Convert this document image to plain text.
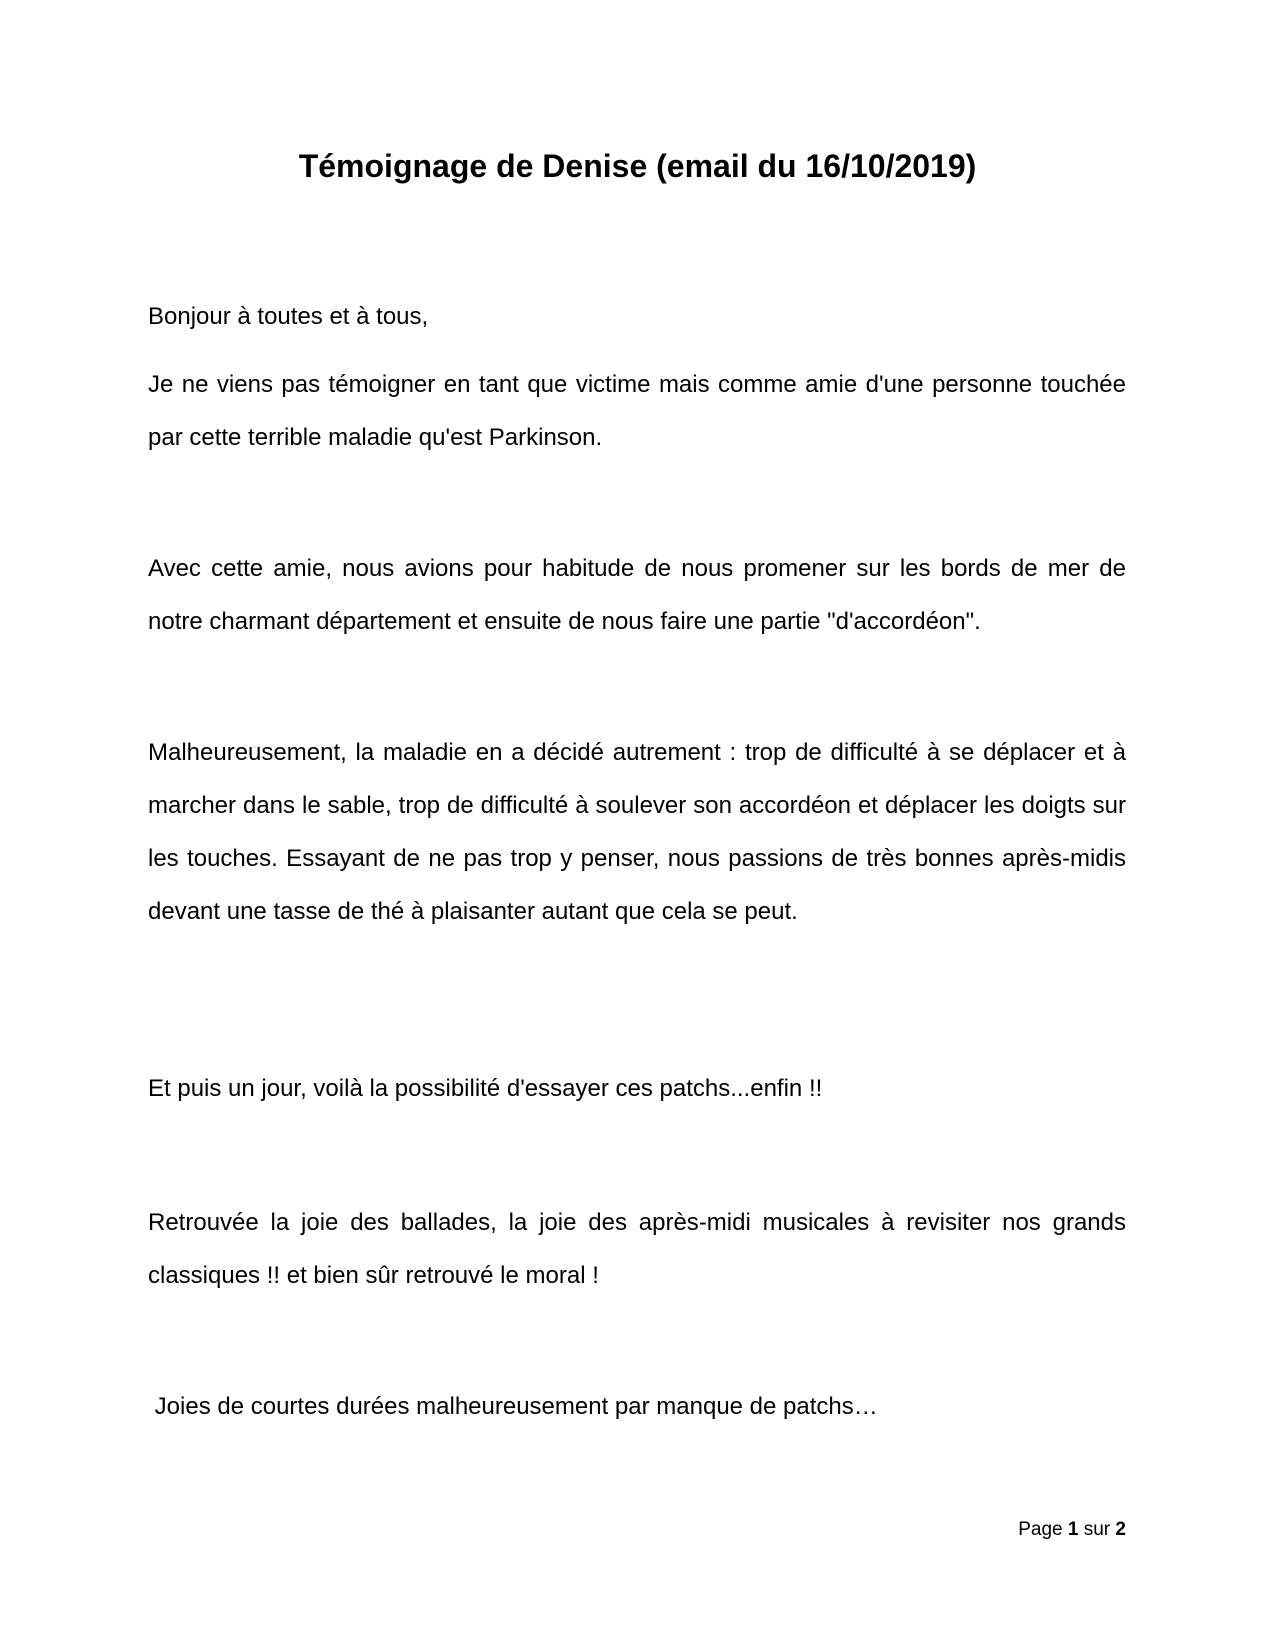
Témoignage de Denise (email du 16/10/2019)

Bonjour à toutes et à tous,

Je ne viens pas témoigner en tant que victime mais comme amie d'une personne touchée par cette terrible maladie qu'est Parkinson.

Avec cette amie, nous avions pour habitude de nous promener sur les bords de mer de notre charmant département et ensuite de nous faire une partie "d'accordéon".

Malheureusement, la maladie en a décidé autrement : trop de difficulté à se déplacer et à marcher dans le sable, trop de difficulté à soulever son accordéon et déplacer les doigts sur les touches. Essayant de ne pas trop y penser, nous passions de très bonnes après-midis devant une tasse de thé à plaisanter autant que cela se peut.

Et puis un jour, voilà la possibilité d'essayer ces patchs...enfin !!

Retrouvée la joie des ballades, la joie des après-midi musicales à revisiter nos grands classiques !! et bien sûr retrouvé le moral !

Joies de courtes durées malheureusement par manque de patchs…

Page 1 sur 2
